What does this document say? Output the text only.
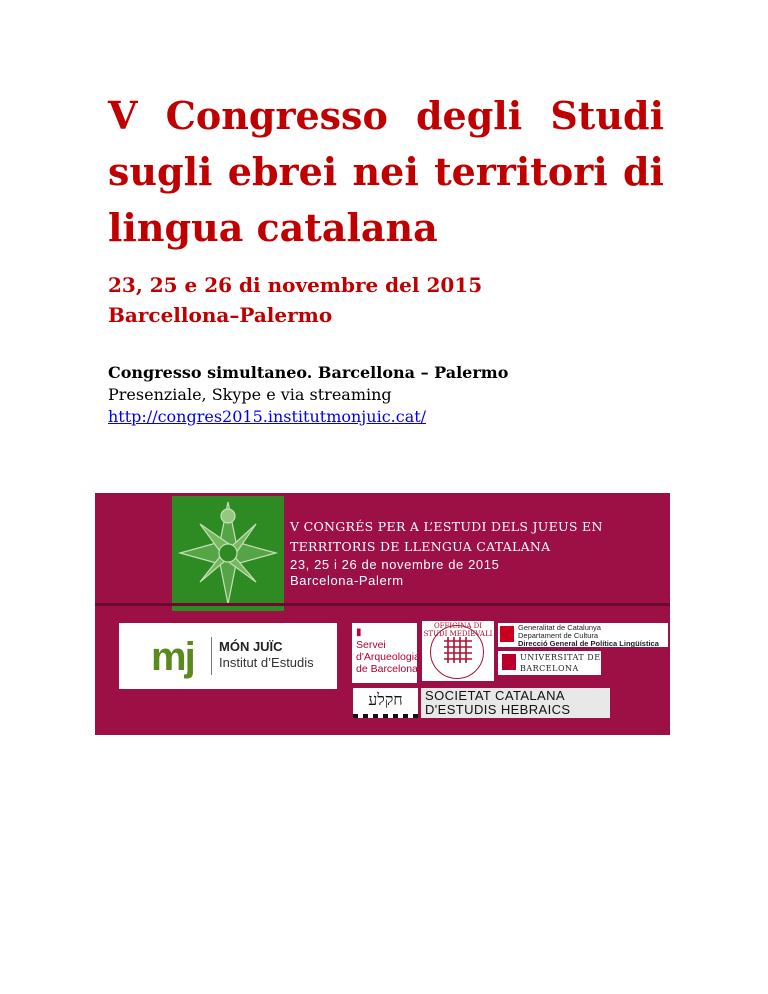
V Congresso degli Studi sugli ebrei nei territori di lingua catalana
23, 25 e 26 di novembre del 2015
Barcellona–Palermo
Congresso simultaneo. Barcellona – Palermo
Presenziale, Skype e via streaming
http://congres2015.institutmonjuic.cat/
V CONGRÉS PER A L’ESTUDI DELS JUEUS EN
TERRITORIS DE LLENGUA CATALANA
23, 25 i 26 de novembre de 2015
Barcelona-Palerm
mj MÓN JUÏC
Institut d’Estudis
▮
Servei
d'Arqueologia
de Barcelona
OFFICINA DI STUDI MEDIEVALI
Generalitat de Catalunya
Departament de Cultura
Direcció General de Política Lingüística
UNIVERSITAT DE
BARCELONA
חקלע	SOCIETAT CATALANA
D'ESTUDIS HEBRAICS
